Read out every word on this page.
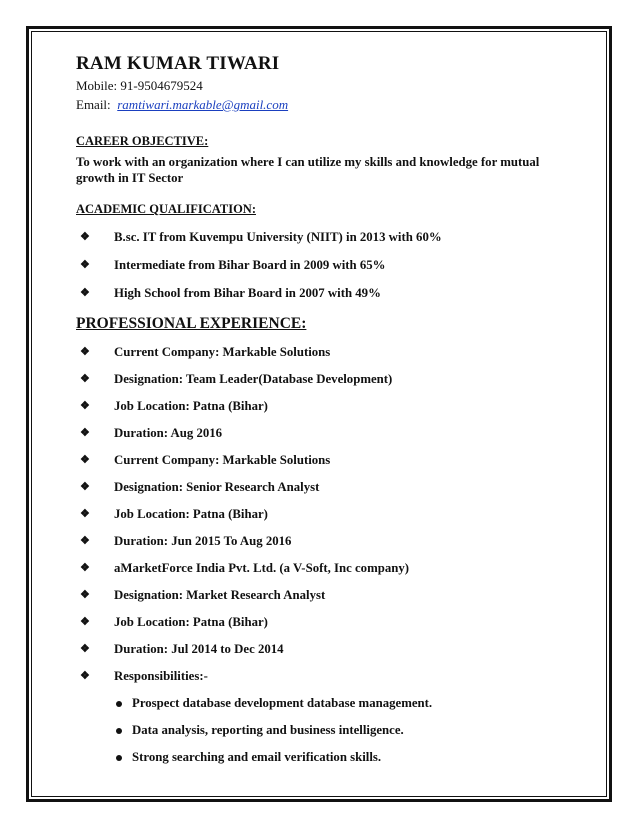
RAM KUMAR TIWARI

Mobile: 91-9504679524

Email: ramtiwari.markable@gmail.com

CAREER OBJECTIVE:
To work with an organization where I can utilize my skills and knowledge for mutual growth in IT Sector
ACADEMIC QUALIFICATION:
❖ B.sc. IT from Kuvempu University (NIIT) in 2013 with 60%
❖ Intermediate from Bihar Board in 2009 with 65%
❖ High School from Bihar Board in 2007 with 49%
PROFESSIONAL EXPERIENCE:
❖ Current Company: Markable Solutions
❖ Designation: Team Leader(Database Development)
❖ Job Location: Patna (Bihar)
❖ Duration: Aug 2016
❖ Current Company: Markable Solutions
❖ Designation: Senior Research Analyst
❖ Job Location: Patna (Bihar)
❖ Duration: Jun 2015 To Aug 2016
❖ aMarketForce India Pvt. Ltd. (a V-Soft, Inc company)
❖ Designation: Market Research Analyst
❖ Job Location: Patna (Bihar)
❖ Duration: Jul 2014 to Dec 2014
❖ Responsibilities:-
Prospect database development database management.
Data analysis, reporting and business intelligence.
Strong searching and email verification skills.
